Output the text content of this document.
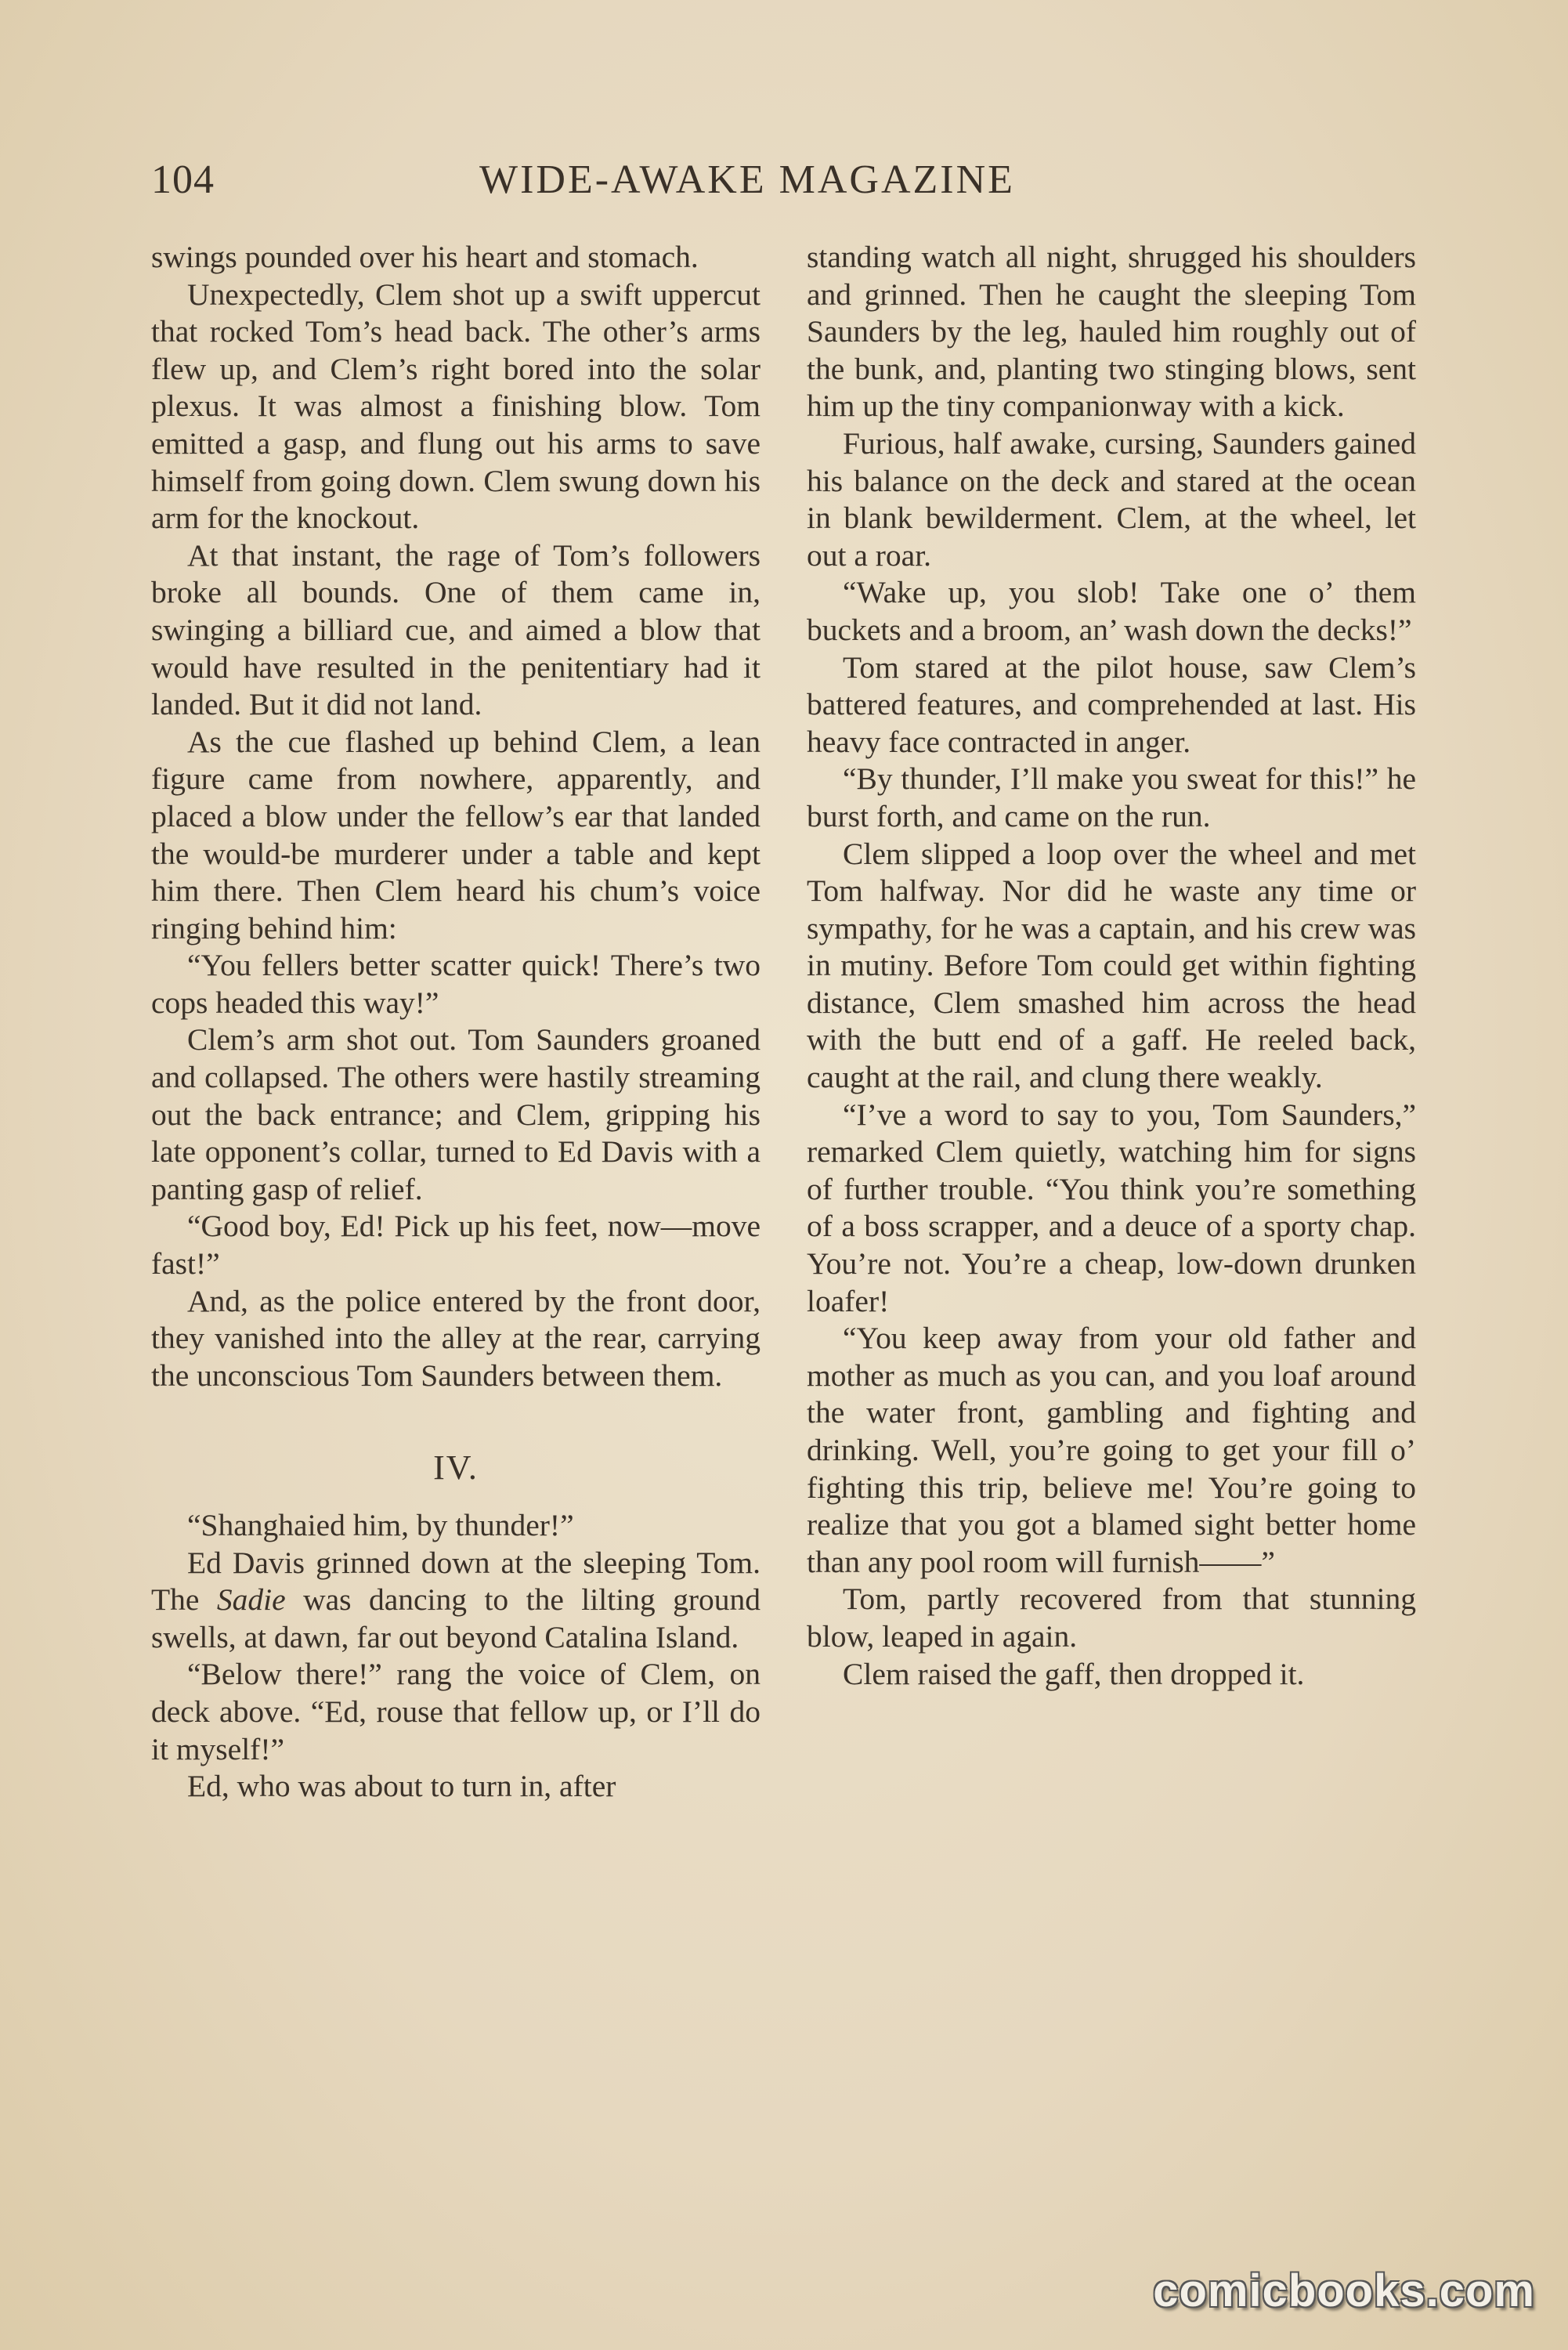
104	WIDE-AWAKE MAGAZINE

swings pounded over his heart and stomach.

Unexpectedly, Clem shot up a swift uppercut that rocked Tom’s head back. The other’s arms flew up, and Clem’s right bored into the solar plexus. It was almost a finishing blow. Tom emitted a gasp, and flung out his arms to save himself from going down. Clem swung down his arm for the knockout.

At that instant, the rage of Tom’s followers broke all bounds. One of them came in, swinging a billiard cue, and aimed a blow that would have resulted in the penitentiary had it landed. But it did not land.

As the cue flashed up behind Clem, a lean figure came from nowhere, apparently, and placed a blow under the fellow’s ear that landed the would-be murderer under a table and kept him there. Then Clem heard his chum’s voice ringing behind him:

“You fellers better scatter quick! There’s two cops headed this way!”

Clem’s arm shot out. Tom Saunders groaned and collapsed. The others were hastily streaming out the back entrance; and Clem, gripping his late opponent’s collar, turned to Ed Davis with a panting gasp of relief.

“Good boy, Ed! Pick up his feet, now—move fast!”

And, as the police entered by the front door, they vanished into the alley at the rear, carrying the unconscious Tom Saunders between them.

IV.

“Shanghaied him, by thunder!”

Ed Davis grinned down at the sleeping Tom. The Sadie was dancing to the lilting ground swells, at dawn, far out beyond Catalina Island.

“Below there!” rang the voice of Clem, on deck above. “Ed, rouse that fellow up, or I’ll do it myself!”

Ed, who was about to turn in, after

standing watch all night, shrugged his shoulders and grinned. Then he caught the sleeping Tom Saunders by the leg, hauled him roughly out of the bunk, and, planting two stinging blows, sent him up the tiny companionway with a kick.

Furious, half awake, cursing, Saunders gained his balance on the deck and stared at the ocean in blank bewilderment. Clem, at the wheel, let out a roar.

“Wake up, you slob! Take one o’ them buckets and a broom, an’ wash down the decks!”

Tom stared at the pilot house, saw Clem’s battered features, and comprehended at last. His heavy face contracted in anger.

“By thunder, I’ll make you sweat for this!” he burst forth, and came on the run.

Clem slipped a loop over the wheel and met Tom halfway. Nor did he waste any time or sympathy, for he was a captain, and his crew was in mutiny. Before Tom could get within fighting distance, Clem smashed him across the head with the butt end of a gaff. He reeled back, caught at the rail, and clung there weakly.

“I’ve a word to say to you, Tom Saunders,” remarked Clem quietly, watching him for signs of further trouble. “You think you’re something of a boss scrapper, and a deuce of a sporty chap. You’re not. You’re a cheap, low-down drunken loafer!

“You keep away from your old father and mother as much as you can, and you loaf around the water front, gambling and fighting and drinking. Well, you’re going to get your fill o’ fighting this trip, believe me! You’re going to realize that you got a blamed sight better home than any pool room will furnish——”

Tom, partly recovered from that stunning blow, leaped in again.

Clem raised the gaff, then dropped it.

comicbooks.com
